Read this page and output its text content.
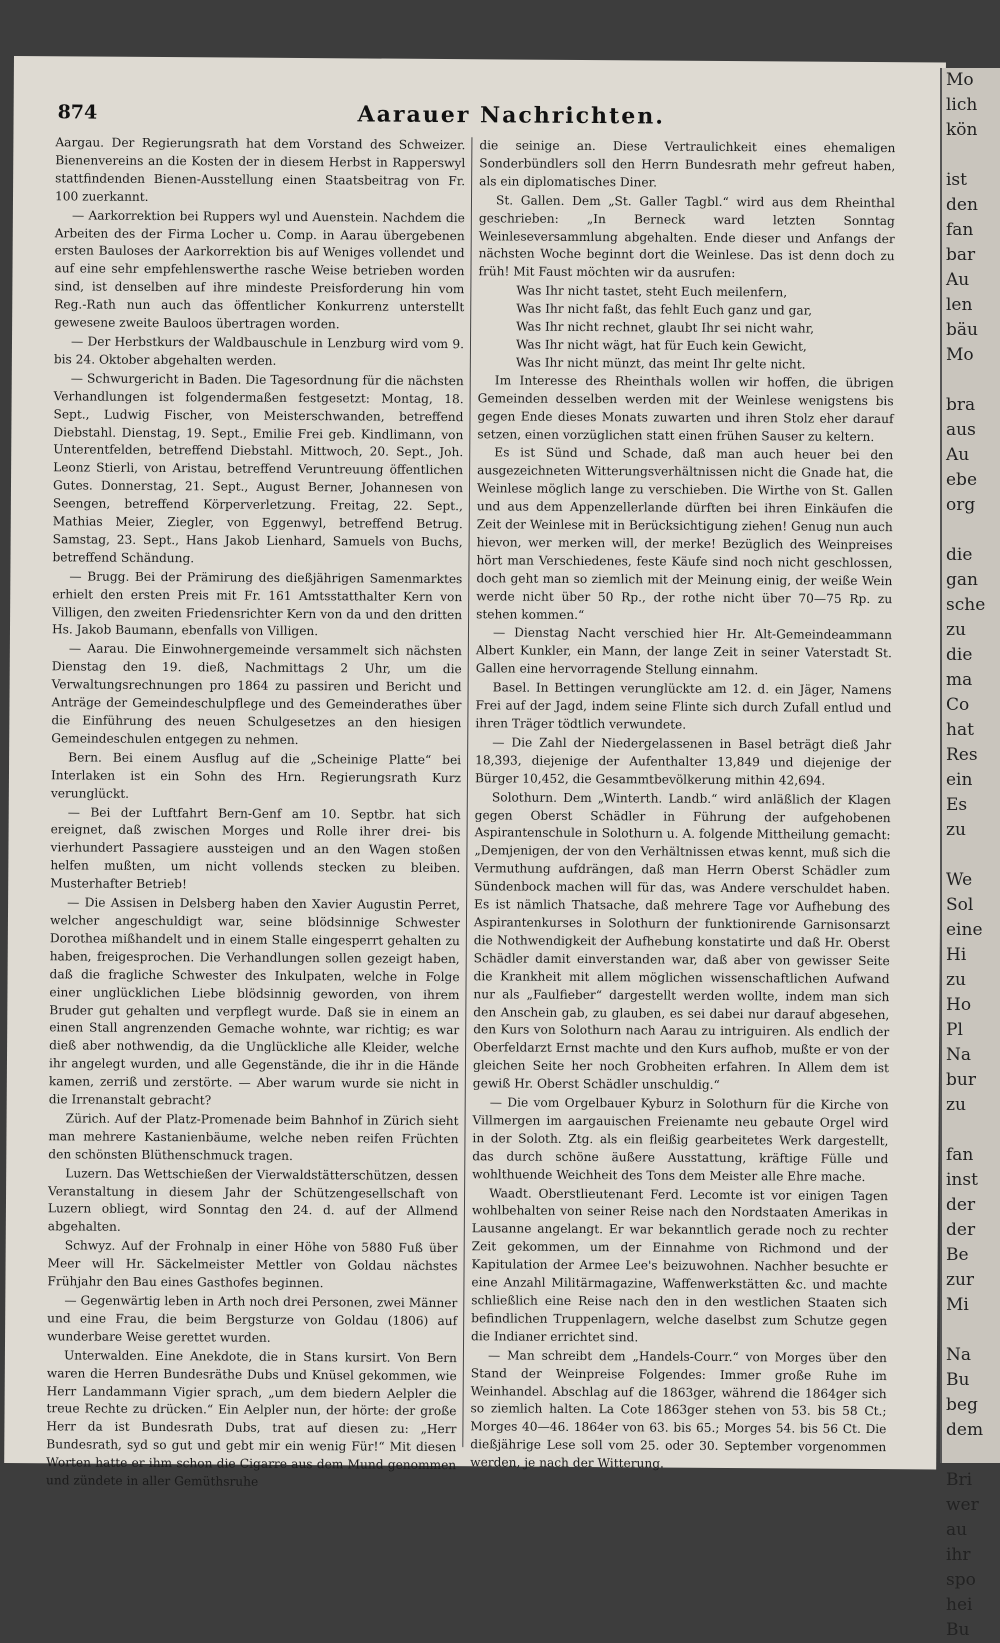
874	Aarauer Nachrichten.

Aargau. Der Regierungsrath hat dem Vorstand des Schweizer. Bienenvereins an die Kosten der in diesem Herbst in Rapperswyl stattfindenden Bienen-Ausstellung einen Staatsbeitrag von Fr. 100 zuerkannt.

— Aarkorrektion bei Ruppers wyl und Auenstein. Nachdem die Arbeiten des der Firma Locher u. Comp. in Aarau übergebenen ersten Bauloses der Aarkorrektion bis auf Weniges vollendet und auf eine sehr empfehlenswerthe rasche Weise betrieben worden sind, ist denselben auf ihre mindeste Preisforderung hin vom Reg.-Rath nun auch das öffentlicher Konkurrenz unterstellt gewesene zweite Bauloos übertragen worden.

— Der Herbstkurs der Waldbauschule in Lenzburg wird vom 9. bis 24. Oktober abgehalten werden.

— Schwurgericht in Baden. Die Tagesordnung für die nächsten Verhandlungen ist folgendermaßen festgesetzt: Montag, 18. Sept., Ludwig Fischer, von Meisterschwanden, betreffend Diebstahl. Dienstag, 19. Sept., Emilie Frei geb. Kindlimann, von Unterentfelden, betreffend Diebstahl. Mittwoch, 20. Sept., Joh. Leonz Stierli, von Aristau, betreffend Veruntreuung öffentlichen Gutes. Donnerstag, 21. Sept., August Berner, Johannesen von Seengen, betreffend Körperverletzung. Freitag, 22. Sept., Mathias Meier, Ziegler, von Eggenwyl, betreffend Betrug. Samstag, 23. Sept., Hans Jakob Lienhard, Samuels von Buchs, betreffend Schändung.

— Brugg. Bei der Prämirung des dießjährigen Samenmarktes erhielt den ersten Preis mit Fr. 161 Amtsstatthalter Kern von Villigen, den zweiten Friedensrichter Kern von da und den dritten Hs. Jakob Baumann, ebenfalls von Villigen.

— Aarau. Die Einwohnergemeinde versammelt sich nächsten Dienstag den 19. dieß, Nachmittags 2 Uhr, um die Verwaltungsrechnungen pro 1864 zu passiren und Bericht und Anträge der Gemeindeschulpflege und des Gemeinderathes über die Einführung des neuen Schulgesetzes an den hiesigen Gemeindeschulen entgegen zu nehmen.

Bern. Bei einem Ausflug auf die „Scheinige Platte“ bei Interlaken ist ein Sohn des Hrn. Regierungsrath Kurz verunglückt.

— Bei der Luftfahrt Bern-Genf am 10. Septbr. hat sich ereignet, daß zwischen Morges und Rolle ihrer drei- bis vierhundert Passagiere aussteigen und an den Wagen stoßen helfen mußten, um nicht vollends stecken zu bleiben. Musterhafter Betrieb!

— Die Assisen in Delsberg haben den Xavier Augustin Perret, welcher angeschuldigt war, seine blödsinnige Schwester Dorothea mißhandelt und in einem Stalle eingesperrt gehalten zu haben, freigesprochen. Die Verhandlungen sollen gezeigt haben, daß die fragliche Schwester des Inkulpaten, welche in Folge einer unglücklichen Liebe blödsinnig geworden, von ihrem Bruder gut gehalten und verpflegt wurde. Daß sie in einem an einen Stall angrenzenden Gemache wohnte, war richtig; es war dieß aber nothwendig, da die Unglückliche alle Kleider, welche ihr angelegt wurden, und alle Gegenstände, die ihr in die Hände kamen, zerriß und zerstörte. — Aber warum wurde sie nicht in die Irrenanstalt gebracht?

Zürich. Auf der Platz-Promenade beim Bahnhof in Zürich sieht man mehrere Kastanienbäume, welche neben reifen Früchten den schönsten Blüthenschmuck tragen.

Luzern. Das Wettschießen der Vierwaldstätterschützen, dessen Veranstaltung in diesem Jahr der Schützengesellschaft von Luzern obliegt, wird Sonntag den 24. d. auf der Allmend abgehalten.

Schwyz. Auf der Frohnalp in einer Höhe von 5880 Fuß über Meer will Hr. Säckelmeister Mettler von Goldau nächstes Frühjahr den Bau eines Gasthofes beginnen.

— Gegenwärtig leben in Arth noch drei Personen, zwei Männer und eine Frau, die beim Bergsturze von Goldau (1806) auf wunderbare Weise gerettet wurden.

Unterwalden. Eine Anekdote, die in Stans kursirt. Von Bern waren die Herren Bundesräthe Dubs und Knüsel gekommen, wie Herr Landammann Vigier sprach, „um dem biedern Aelpler die treue Rechte zu drücken.“ Ein Aelpler nun, der hörte: der große Herr da ist Bundesrath Dubs, trat auf diesen zu: „Herr Bundesrath, syd so gut und gebt mir ein wenig Für!“ Mit diesen Worten hatte er ihm schon die Cigarre aus dem Mund genommen und zündete in aller Gemüthsruhe

die seinige an. Diese Vertraulichkeit eines ehemaligen Sonderbündlers soll den Herrn Bundesrath mehr gefreut haben, als ein diplomatisches Diner.

St. Gallen. Dem „St. Galler Tagbl.“ wird aus dem Rheinthal geschrieben: „In Berneck ward letzten Sonntag Weinleseversammlung abgehalten. Ende dieser und Anfangs der nächsten Woche beginnt dort die Weinlese. Das ist denn doch zu früh! Mit Faust möchten wir da ausrufen:

Was Ihr nicht tastet, steht Euch meilenfern,

Was Ihr nicht faßt, das fehlt Euch ganz und gar,

Was Ihr nicht rechnet, glaubt Ihr sei nicht wahr,

Was Ihr nicht wägt, hat für Euch kein Gewicht,

Was Ihr nicht münzt, das meint Ihr gelte nicht.

Im Interesse des Rheinthals wollen wir hoffen, die übrigen Gemeinden desselben werden mit der Weinlese wenigstens bis gegen Ende dieses Monats zuwarten und ihren Stolz eher darauf setzen, einen vorzüglichen statt einen frühen Sauser zu keltern.

Es ist Sünd und Schade, daß man auch heuer bei den ausgezeichneten Witterungsverhältnissen nicht die Gnade hat, die Weinlese möglich lange zu verschieben. Die Wirthe von St. Gallen und aus dem Appenzellerlande dürften bei ihren Einkäufen die Zeit der Weinlese mit in Berücksichtigung ziehen! Genug nun auch hievon, wer merken will, der merke! Bezüglich des Weinpreises hört man Verschiedenes, feste Käufe sind noch nicht geschlossen, doch geht man so ziemlich mit der Meinung einig, der weiße Wein werde nicht über 50 Rp., der rothe nicht über 70—75 Rp. zu stehen kommen.“

— Dienstag Nacht verschied hier Hr. Alt-Gemeindeammann Albert Kunkler, ein Mann, der lange Zeit in seiner Vaterstadt St. Gallen eine hervorragende Stellung einnahm.

Basel. In Bettingen verunglückte am 12. d. ein Jäger, Namens Frei auf der Jagd, indem seine Flinte sich durch Zufall entlud und ihren Träger tödtlich verwundete.

— Die Zahl der Niedergelassenen in Basel beträgt dieß Jahr 18,393, diejenige der Aufenthalter 13,849 und diejenige der Bürger 10,452, die Gesammtbevölkerung mithin 42,694.

Solothurn. Dem „Winterth. Landb.“ wird anläßlich der Klagen gegen Oberst Schädler in Führung der aufgehobenen Aspirantenschule in Solothurn u. A. folgende Mittheilung gemacht: „Demjenigen, der von den Verhältnissen etwas kennt, muß sich die Vermuthung aufdrängen, daß man Herrn Oberst Schädler zum Sündenbock machen will für das, was Andere verschuldet haben. Es ist nämlich Thatsache, daß mehrere Tage vor Aufhebung des Aspirantenkurses in Solothurn der funktionirende Garnisonsarzt die Nothwendigkeit der Aufhebung konstatirte und daß Hr. Oberst Schädler damit einverstanden war, daß aber von gewisser Seite die Krankheit mit allem möglichen wissenschaftlichen Aufwand nur als „Faulfieber“ dargestellt werden wollte, indem man sich den Anschein gab, zu glauben, es sei dabei nur darauf abgesehen, den Kurs von Solothurn nach Aarau zu intriguiren. Als endlich der Oberfeldarzt Ernst machte und den Kurs aufhob, mußte er von der gleichen Seite her noch Grobheiten erfahren. In Allem dem ist gewiß Hr. Oberst Schädler unschuldig.“

— Die vom Orgelbauer Kyburz in Solothurn für die Kirche von Villmergen im aargauischen Freienamte neu gebaute Orgel wird in der Soloth. Ztg. als ein fleißig gearbeitetes Werk dargestellt, das durch schöne äußere Ausstattung, kräftige Fülle und wohlthuende Weichheit des Tons dem Meister alle Ehre mache.

Waadt. Oberstlieutenant Ferd. Lecomte ist vor einigen Tagen wohlbehalten von seiner Reise nach den Nordstaaten Amerikas in Lausanne angelangt. Er war bekanntlich gerade noch zu rechter Zeit gekommen, um der Einnahme von Richmond und der Kapitulation der Armee Lee's beizuwohnen. Nachher besuchte er eine Anzahl Militärmagazine, Waffenwerkstätten &c. und machte schließlich eine Reise nach den in den westlichen Staaten sich befindlichen Truppenlagern, welche daselbst zum Schutze gegen die Indianer errichtet sind.

— Man schreibt dem „Handels-Courr.“ von Morges über den Stand der Weinpreise Folgendes: Immer große Ruhe im Weinhandel. Abschlag auf die 1863ger, während die 1864ger sich so ziemlich halten. La Cote 1863ger stehen von 53. bis 58 Ct.; Morges 40—46. 1864er von 63. bis 65.; Morges 54. bis 56 Ct. Die dießjährige Lese soll vom 25. oder 30. September vorgenommen werden, je nach der Witterung.

Mo
lich
kön

ist
den
fan
bar
Au
len
bäu
Mo

bra
aus
Au
ebe
org

die
gan
sche
zu
die
ma
Co
hat
Res
ein
Es
zu

We
Sol
eine
Hi
zu
Ho
Pl
Na
bur
zu

fan
inst
der
der
Be
zur
Mi

Na
Bu
beg
dem

Bri
wer
au
ihr
spo
hei
Bu
